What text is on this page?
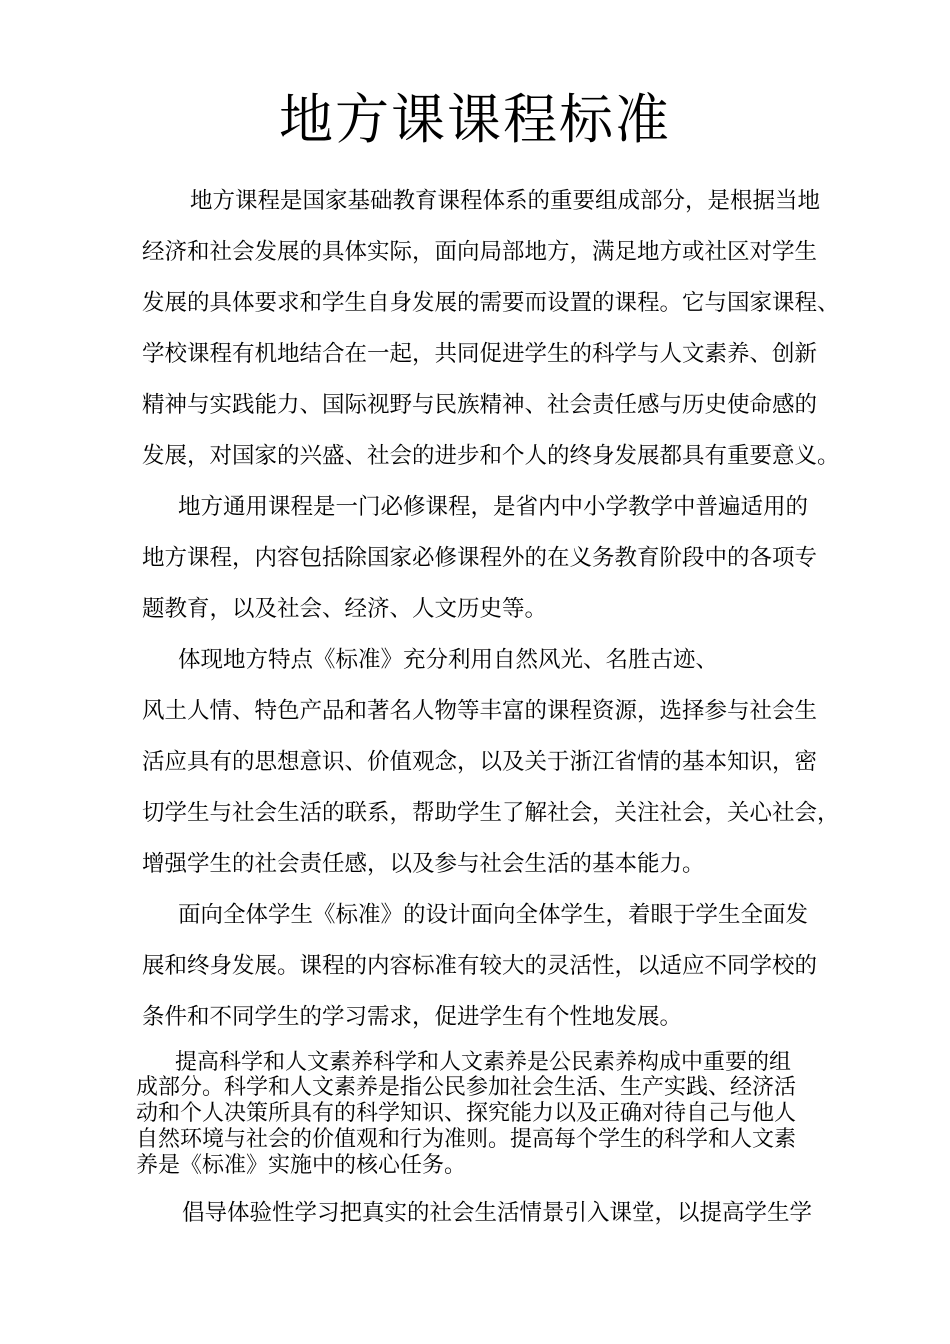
地方课课程标准

地方课程是国家基础教育课程体系的重要组成部分，是根据当地

经济和社会发展的具体实际，面向局部地方，满足地方或社区对学生

发展的具体要求和学生自身发展的需要而设置的课程。它与国家课程、

学校课程有机地结合在一起，共同促进学生的科学与人文素养、创新

精神与实践能力、国际视野与民族精神、社会责任感与历史使命感的

发展，对国家的兴盛、社会的进步和个人的终身发展都具有重要意义。

地方通用课程是一门必修课程，是省内中小学教学中普遍适用的

地方课程，内容包括除国家必修课程外的在义务教育阶段中的各项专

题教育，以及社会、经济、人文历史等。

体现地方特点《标准》充分利用自然风光、名胜古迹、

风土人情、特色产品和著名人物等丰富的课程资源，选择参与社会生

活应具有的思想意识、价值观念，以及关于浙江省情的基本知识，密

切学生与社会生活的联系，帮助学生了解社会，关注社会，关心社会，

增强学生的社会责任感，以及参与社会生活的基本能力。

面向全体学生《标准》的设计面向全体学生，着眼于学生全面发

展和终身发展。课程的内容标准有较大的灵活性，以适应不同学校的

条件和不同学生的学习需求，促进学生有个性地发展。

提高科学和人文素养科学和人文素养是公民素养构成中重要的组

成部分。科学和人文素养是指公民参加社会生活、生产实践、经济活

动和个人决策所具有的科学知识、探究能力以及正确对待自己与他人

自然环境与社会的价值观和行为准则。提高每个学生的科学和人文素

养是《标准》实施中的核心任务。

倡导体验性学习把真实的社会生活情景引入课堂，以提高学生学
